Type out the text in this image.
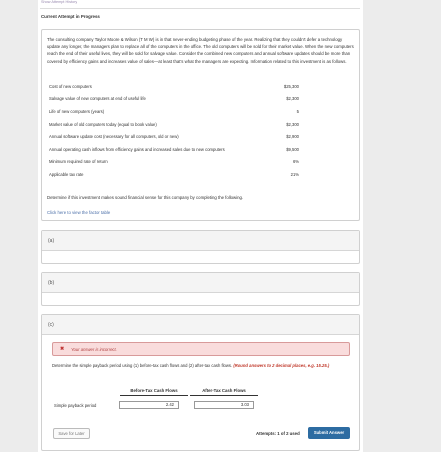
Show Attempt History
Current Attempt in Progress

The consulting company Taylor Moore & Wilson (T M W) is in that never-ending budgeting phase of the year. Realizing that they couldn't defer a technology update any longer, the managers plan to replace all of the computers in the office. The old computers will be sold for their market value. When the new computers reach the end of their useful lives, they will be sold for salvage value. Consider the combined new computers and annual software updates should be more than covered by efficiency gains and increases value of sales—at least that's what the managers are expecting. Information related to this investment is as follows.

Cost of new computers	$25,300
Salvage value of new computers at end of useful life	$2,300
Life of new computers (years)	5
Market value of old computers today (equal to book value)	$2,300
Annual software update cost (necessary for all computers, old or new)	$2,900
Annual operating cash inflows from efficiency gains and increased sales due to new computers	$9,500
Minimum required rate of return	6%
Applicable tax rate	21%
Determine if this investment makes sound financial sense for this company by completing the following.
Click here to view the factor table
(a)
(b)
(c)
✖ Your answer is incorrect.
Determine the simple payback period using (1) before-tax cash flows and (2) after-tax cash flows. (Round answers to 2 decimal places, e.g. 15.25.)
Before-Tax Cash Flows	After-Tax Cash Flows
Simple payback period	2.42	3.03
Save for Later	Attempts: 1 of 2 used	Submit Answer
